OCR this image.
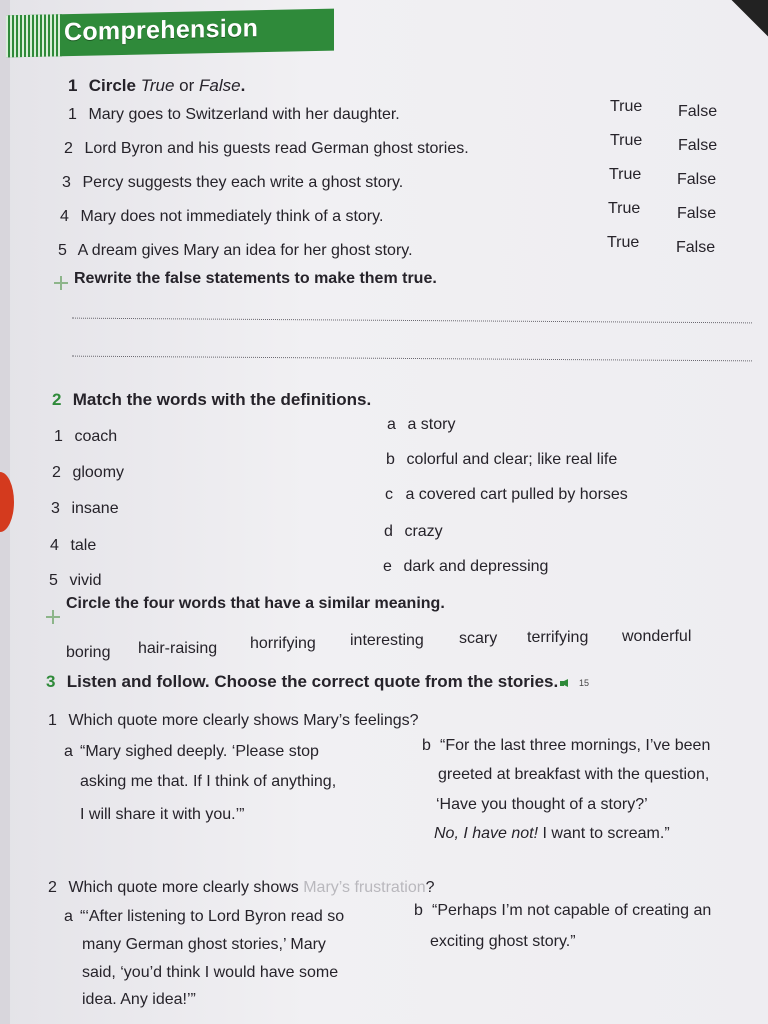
Comprehension
1 Circle True or False.
1 Mary goes to Switzerland with her daughter.	True False
2 Lord Byron and his guests read German ghost stories.	True False
3 Percy suggests they each write a ghost story.	True False
4 Mary does not immediately think of a story.	True False
5 A dream gives Mary an idea for her ghost story.	True False
Rewrite the false statements to make them true.
2 Match the words with the definitions.
1 coach
2 gloomy
3 insane
4 tale
5 vivid
a a story
b colorful and clear; like real life
c a covered cart pulled by horses
d crazy
e dark and depressing
Circle the four words that have a similar meaning.
boring hair-raising horrifying interesting scary terrifying wonderful
3 Listen and follow. Choose the correct quote from the stories. 15
1 Which quote more clearly shows Mary’s feelings?
a “Mary sighed deeply. ‘Please stop
asking me that. If I think of anything,
I will share it with you.’”
b “For the last three mornings, I’ve been
greeted at breakfast with the question,
‘Have you thought of a story?’
No, I have not! I want to scream.”
2 Which quote more clearly shows Mary’s frustration?
a “‘After listening to Lord Byron read so
many German ghost stories,’ Mary
said, ‘you’d think I would have some
idea. Any idea!’”
b “Perhaps I’m not capable of creating an
exciting ghost story.”
